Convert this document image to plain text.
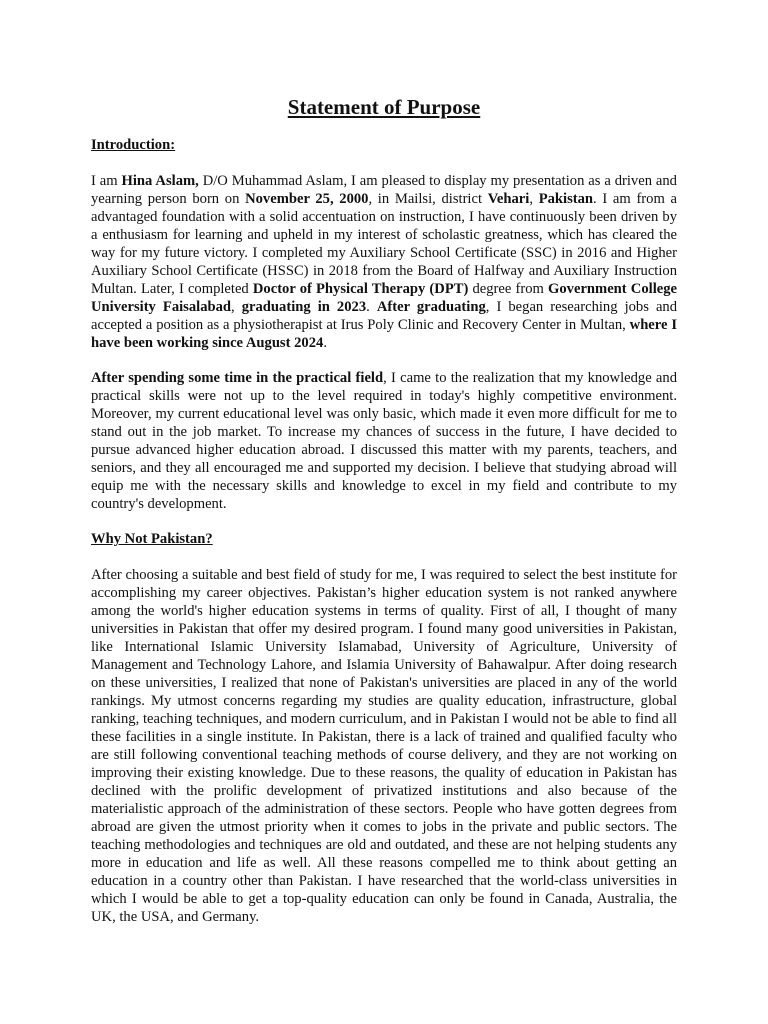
Statement of Purpose
Introduction:

I am Hina Aslam, D/O Muhammad Aslam, I am pleased to display my presentation as a driven and yearning person born on November 25, 2000, in Mailsi, district Vehari, Pakistan. I am from a advantaged foundation with a solid accentuation on instruction, I have continuously been driven by a enthusiasm for learning and upheld in my interest of scholastic greatness, which has cleared the way for my future victory. I completed my Auxiliary School Certificate (SSC) in 2016 and Higher Auxiliary School Certificate (HSSC) in 2018 from the Board of Halfway and Auxiliary Instruction Multan. Later, I completed Doctor of Physical Therapy (DPT) degree from Government College University Faisalabad, graduating in 2023. After graduating, I began researching jobs and accepted a position as a physiotherapist at Irus Poly Clinic and Recovery Center in Multan, where I have been working since August 2024.

After spending some time in the practical field, I came to the realization that my knowledge and practical skills were not up to the level required in today's highly competitive environment. Moreover, my current educational level was only basic, which made it even more difficult for me to stand out in the job market. To increase my chances of success in the future, I have decided to pursue advanced higher education abroad. I discussed this matter with my parents, teachers, and seniors, and they all encouraged me and supported my decision. I believe that studying abroad will equip me with the necessary skills and knowledge to excel in my field and contribute to my country's development.

Why Not Pakistan?

After choosing a suitable and best field of study for me, I was required to select the best institute for accomplishing my career objectives. Pakistan’s higher education system is not ranked anywhere among the world's higher education systems in terms of quality. First of all, I thought of many universities in Pakistan that offer my desired program. I found many good universities in Pakistan, like International Islamic University Islamabad, University of Agriculture, University of Management and Technology Lahore, and Islamia University of Bahawalpur. After doing research on these universities, I realized that none of Pakistan's universities are placed in any of the world rankings. My utmost concerns regarding my studies are quality education, infrastructure, global ranking, teaching techniques, and modern curriculum, and in Pakistan I would not be able to find all these facilities in a single institute. In Pakistan, there is a lack of trained and qualified faculty who are still following conventional teaching methods of course delivery, and they are not working on improving their existing knowledge. Due to these reasons, the quality of education in Pakistan has declined with the prolific development of privatized institutions and also because of the materialistic approach of the administration of these sectors. People who have gotten degrees from abroad are given the utmost priority when it comes to jobs in the private and public sectors. The teaching methodologies and techniques are old and outdated, and these are not helping students any more in education and life as well. All these reasons compelled me to think about getting an education in a country other than Pakistan. I have researched that the world-class universities in which I would be able to get a top-quality education can only be found in Canada, Australia, the UK, the USA, and Germany.
